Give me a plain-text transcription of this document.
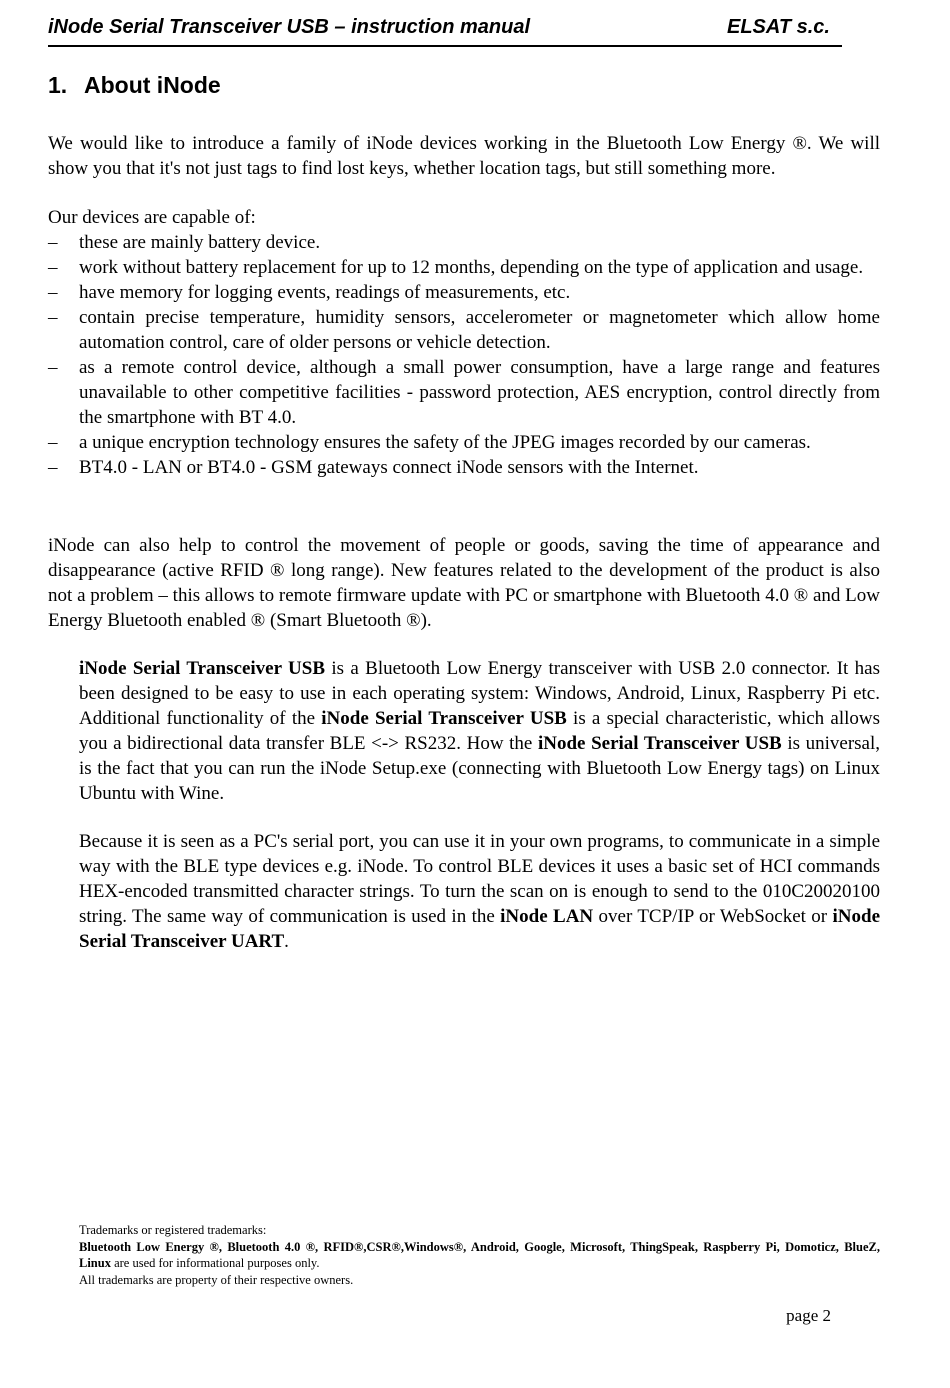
iNode Serial Transceiver USB – instruction manual	ELSAT s.c.
1. About iNode
We would like to introduce a family of iNode devices working in the Bluetooth Low Energy ®. We will show you that it's not just tags to find lost keys, whether location tags, but still something more.
Our devices are capable of:
– these are mainly battery device.
– work without battery replacement for up to 12 months, depending on the type of application and usage.
– have memory for logging events, readings of measurements, etc.
– contain precise temperature, humidity sensors, accelerometer or magnetometer which allow home automation control, care of older persons or vehicle detection.
– as a remote control device, although a small power consumption, have a large range and features unavailable to other competitive facilities - password protection, AES encryption, control directly from the smartphone with BT 4.0.
– a unique encryption technology ensures the safety of the JPEG images recorded by our cameras.
– BT4.0 - LAN or BT4.0 - GSM gateways connect iNode sensors with the Internet.
iNode can also help to control the movement of people or goods, saving the time of appearance and disappearance (active RFID ® long range). New features related to the development of the product is also not a problem – this allows to remote firmware update with PC or smartphone with Bluetooth 4.0 ® and Low Energy Bluetooth enabled ® (Smart Bluetooth ®).
iNode Serial Transceiver USB is a Bluetooth Low Energy transceiver with USB 2.0 connector. It has been designed to be easy to use in each operating system: Windows, Android, Linux, Raspberry Pi etc. Additional functionality of the iNode Serial Transceiver USB is a special characteristic, which allows you a bidirectional data transfer BLE <-> RS232. How the iNode Serial Transceiver USB is universal, is the fact that you can run the iNode Setup.exe (connecting with Bluetooth Low Energy tags) on Linux Ubuntu with Wine.
Because it is seen as a PC's serial port, you can use it in your own programs, to communicate in a simple way with the BLE type devices e.g. iNode. To control BLE devices it uses a basic set of HCI commands HEX-encoded transmitted character strings. To turn the scan on is enough to send to the 010C20020100 string. The same way of communication is used in the iNode LAN over TCP/IP or WebSocket or iNode Serial Transceiver UART.
Trademarks or registered trademarks:
Bluetooth Low Energy ®, Bluetooth 4.0 ®, RFID®,CSR®,Windows®, Android, Google, Microsoft, ThingSpeak, Raspberry Pi, Domoticz, BlueZ, Linux are used for informational purposes only.
All trademarks are property of their respective owners.
page 2
